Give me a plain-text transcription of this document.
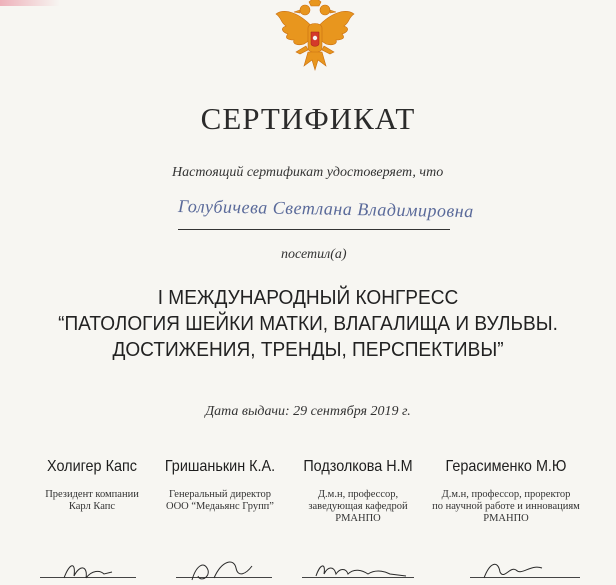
СЕРТИФИКАТ
Настоящий сертификат удостоверяет, что
Голубичева Светлана Владимировна
посетил(а)
I МЕЖДУНАРОДНЫЙ КОНГРЕСС
“ПАТОЛОГИЯ ШЕЙКИ МАТКИ, ВЛАГАЛИЩА И ВУЛЬВЫ.
ДОСТИЖЕНИЯ, ТРЕНДЫ, ПЕРСПЕКТИВЫ”
Дата выдачи: 29 сентября 2019 г.
Холигер Капс
Президент компании
Карл Капс
Гришанькин К.А.
Генеральный директор
ООО “Медаьянс Групп”
Подзолкова Н.М
Д.м.н, профессор,
заведующая кафедрой
РМАНПО
Герасименко М.Ю
Д.м.н, профессор, проректор
по научной работе и инновациям
РМАНПО
